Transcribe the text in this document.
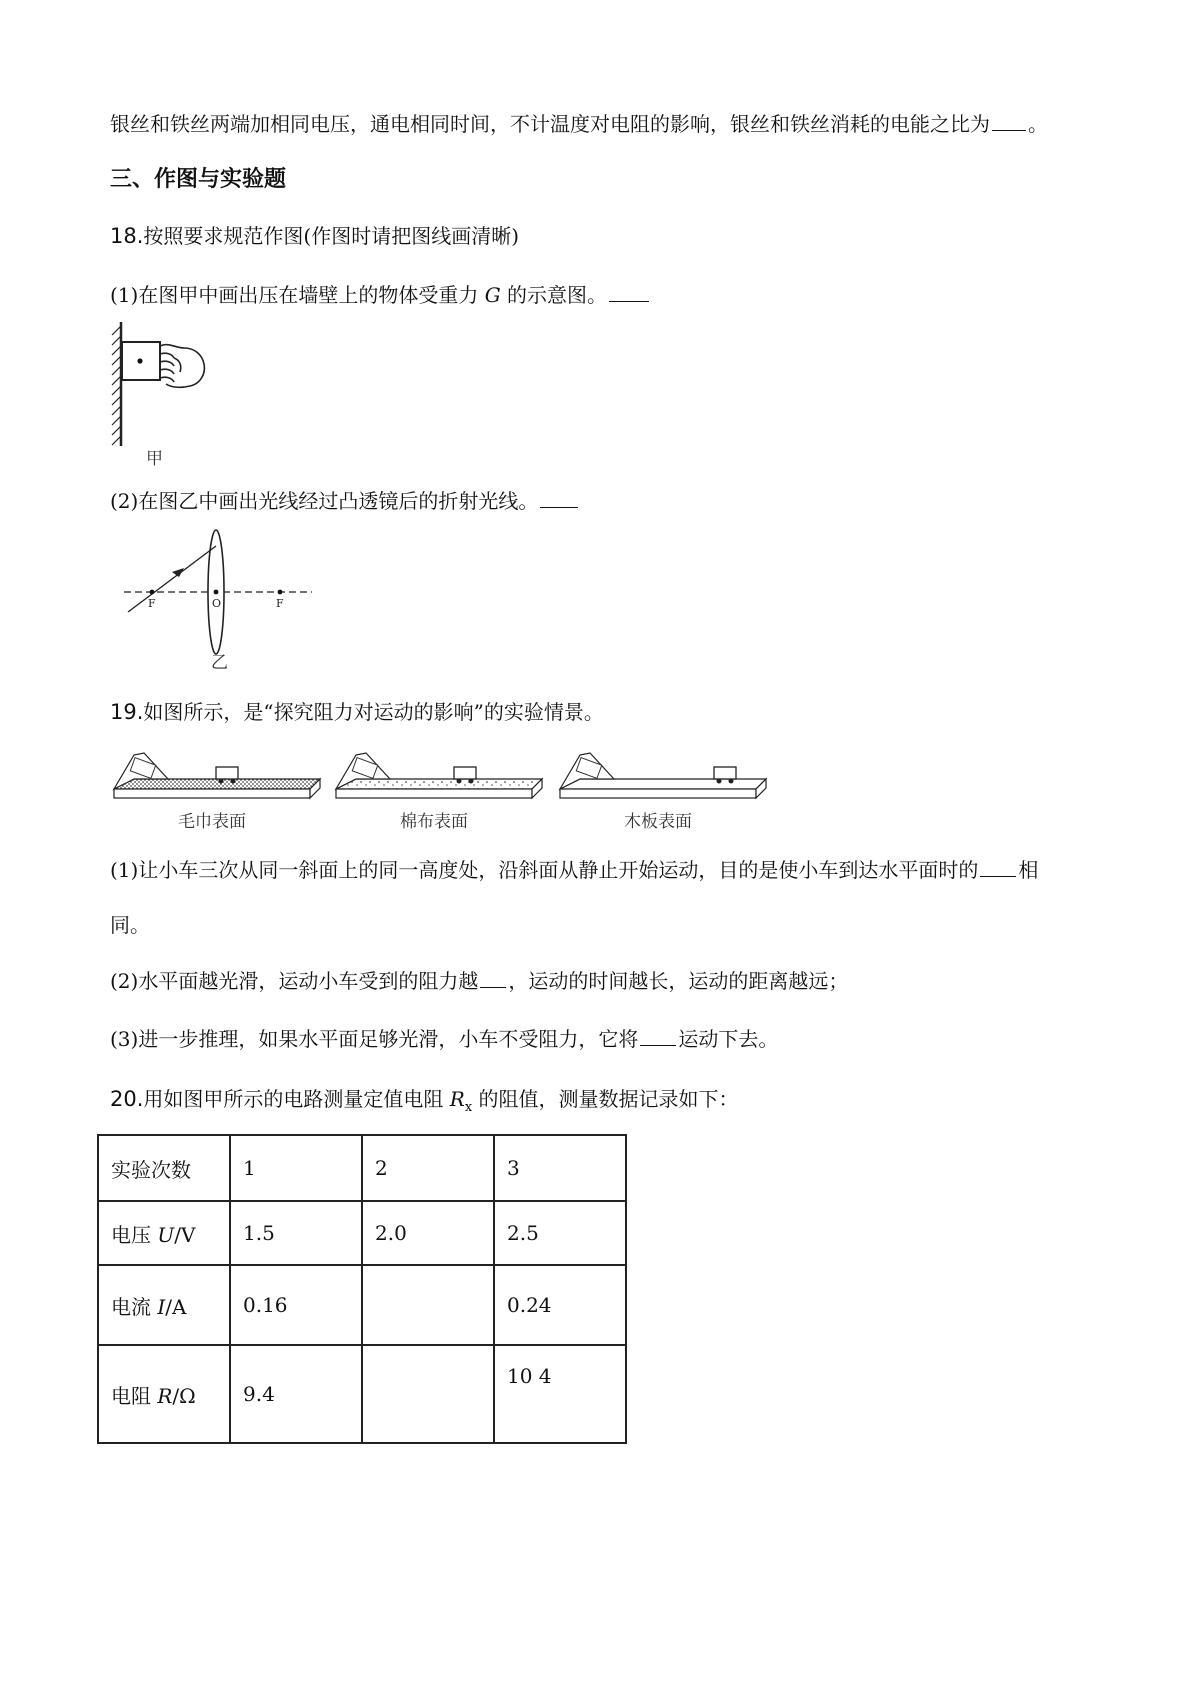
银丝和铁丝两端加相同电压，通电相同时间，不计温度对电阻的影响，银丝和铁丝消耗的电能之比为 。
三、作图与实验题
18.按照要求规范作图(作图时请把图线画清晰)
(1)在图甲中画出压在墙壁上的物体受重力 G 的示意图。
甲
(2)在图乙中画出光线经过凸透镜后的折射光线。
F	O	F
乙
19.如图所示，是“探究阻力对运动的影响”的实验情景。
毛巾表面	棉布表面	木板表面
(1)让小车三次从同一斜面上的同一高度处，沿斜面从静止开始运动，目的是使小车到达水平面时的 相
同。
(2)水平面越光滑，运动小车受到的阻力越 ，运动的时间越长，运动的距离越远；
(3)进一步推理，如果水平面足够光滑，小车不受阻力，它将 运动下去。
20.用如图甲所示的电路测量定值电阻 $R_x$ 的阻值，测量数据记录如下：
实验次数	1	2	3
电压 U/V	1.5	2.0	2.5
电流 I/A	0.16		0.24
电阻 R/Ω	9.4		10 4
